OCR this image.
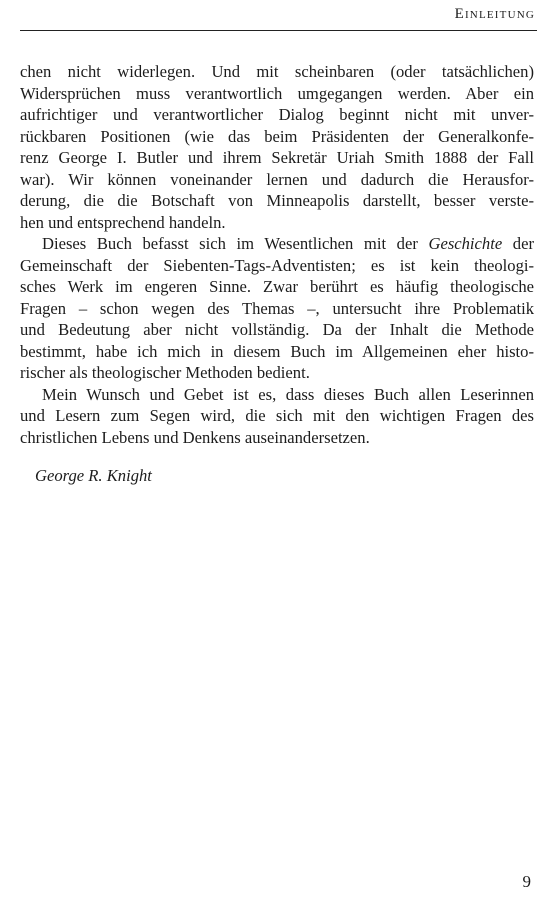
Einleitung
chen nicht widerlegen. Und mit scheinbaren (oder tatsächlichen)
Widersprüchen muss verantwortlich umgegangen werden. Aber ein
aufrichtiger und verantwortlicher Dialog beginnt nicht mit unver-
rückbaren Positionen (wie das beim Präsidenten der Generalkonfe-
renz George I. Butler und ihrem Sekretär Uriah Smith 1888 der Fall
war). Wir können voneinander lernen und dadurch die Herausfor-
derung, die die Botschaft von Minneapolis darstellt, besser verste-
hen und entsprechend handeln.
Dieses Buch befasst sich im Wesentlichen mit der Geschichte der
Gemeinschaft der Siebenten-Tags-Adventisten; es ist kein theologi-
sches Werk im engeren Sinne. Zwar berührt es häufig theologische
Fragen – schon wegen des Themas –, untersucht ihre Problematik
und Bedeutung aber nicht vollständig. Da der Inhalt die Methode
bestimmt, habe ich mich in diesem Buch im Allgemeinen eher histo-
rischer als theologischer Methoden bedient.
Mein Wunsch und Gebet ist es, dass dieses Buch allen Leserinnen
und Lesern zum Segen wird, die sich mit den wichtigen Fragen des
christlichen Lebens und Denkens auseinandersetzen.
George R. Knight
9
